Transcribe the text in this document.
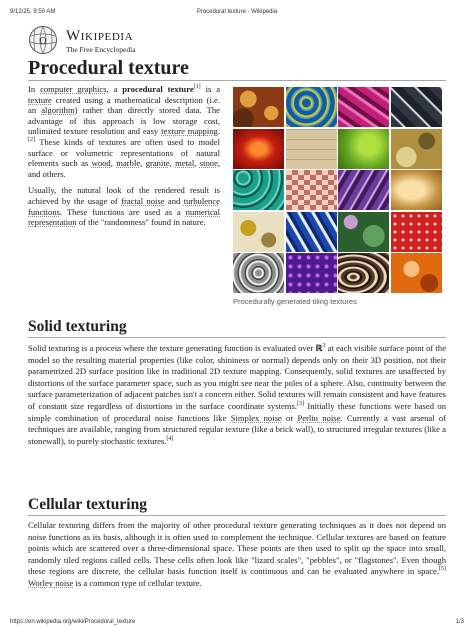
9/12/25, 9:50 AM	Procedural texture - Wikipedia
Ω WIKIPEDIA
The Free Encyclopedia
Procedural texture

In computer graphics, a procedural texture[1] is a texture created using a mathematical description (i.e. an algorithm) rather than directly stored data. The advantage of this approach is low storage cost, unlimited texture resolution and easy texture mapping.[2] These kinds of textures are often used to model surface or volumetric representations of natural elements such as wood, marble, granite, metal, stone, and others.

Usually, the natural look of the rendered result is achieved by the usage of fractal noise and turbulence functions. These functions are used as a numerical representation of the "randomness" found in nature.

Procedurally generated tiling textures
Solid texturing

Solid texturing is a process where the texture generating function is evaluated over ℝ$^3$ at each visible surface point of the model so the resulting material properties (like color, shininess or normal) depends only on their 3D position, not their parametrized 2D surface position like in traditional 2D texture mapping. Consequently, solid textures are unaffected by distortions of the surface parameter space, such as you might see near the poles of a sphere. Also, continuity between the surface parameterization of adjacent patches isn't a concern either. Solid textures will remain consistent and have features of constant size regardless of distortions in the surface coordinate systems.[3] Initially these functions were based on simple combination of procedural noise functions like Simplex noise or Perlin noise. Currently a vast arsenal of techniques are available, ranging from structured regular texture (like a brick wall), to structured irregular textures (like a stonewall), to purely stochastic textures.[4]

Cellular texturing

Cellular texturing differs from the majority of other procedural texture generating techniques as it does not depend on noise functions as its basis, although it is often used to complement the technique. Cellular textures are based on feature points which are scattered over a three-dimensional space. These points are then used to split up the space into small, randomly tiled regions called cells. These cells often look like "lizard scales", "pebbles", or "flagstones". Even though these regions are discrete, the cellular basis function itself is continuous and can be evaluated anywhere in space.[5] Worley noise is a common type of cellular texture.

https://en.wikipedia.org/wiki/Procedural_texture	1/3
